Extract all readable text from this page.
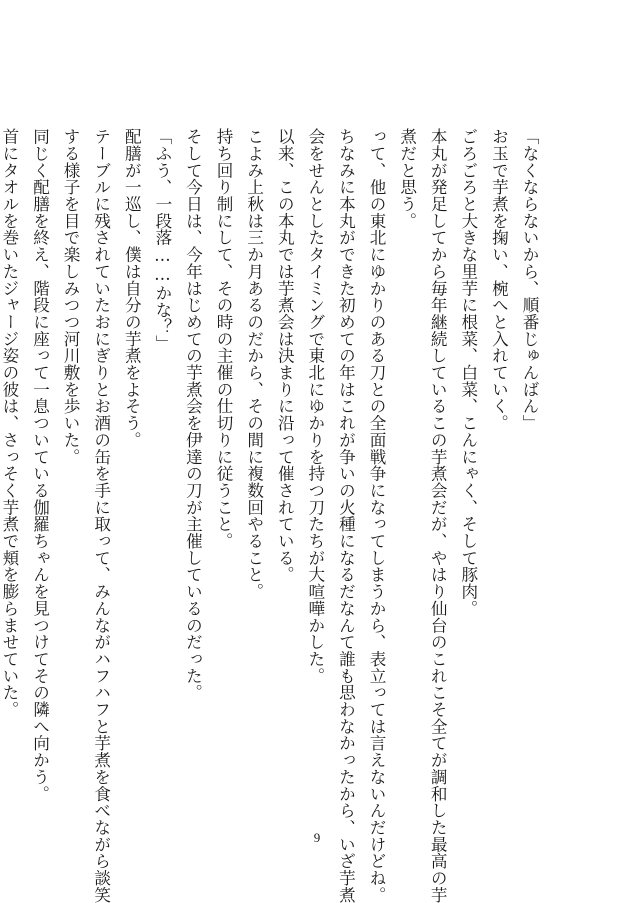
「なくならないから、順番じゅんばん」
お玉で芋煮を掬い、椀へと入れていく。
ごろごろと大きな里芋に根菜、白菜、こんにゃく、そして豚肉。
本丸が発足してから毎年継続しているこの芋煮会だが、やはり仙台のこれこそ全てが調和した最高の芋
煮だと思う。
って、他の東北にゆかりのある刀との全面戦争になってしまうから、表立っては言えないんだけどね。
ちなみに本丸ができた初めての年はこれが争いの火種になるだなんて誰も思わなかったから、いざ芋煮
会をせんとしたタイミングで東北にゆかりを持つ刀たちが大喧嘩かした。
以来、この本丸では芋煮会は決まりに沿って催されている。
こよみ上秋は三か月あるのだから、その間に複数回やること。
持ち回り制にして、その時の主催の仕切りに従うこと。
そして今日は、今年はじめての芋煮会を伊達の刀が主催しているのだった。
「ふう、一段落……かな？」
配膳が一巡し、僕は自分の芋煮をよそう。
テーブルに残されていたおにぎりとお酒の缶を手に取って、みんながハフハフと芋煮を食べながら談笑
する様子を目で楽しみつつ河川敷を歩いた。
同じく配膳を終え、階段に座って一息ついている伽羅ちゃんを見つけてその隣へ向かう。
首にタオルを巻いたジャージ姿の彼は、さっそく芋煮で頬を膨らませていた。
9
